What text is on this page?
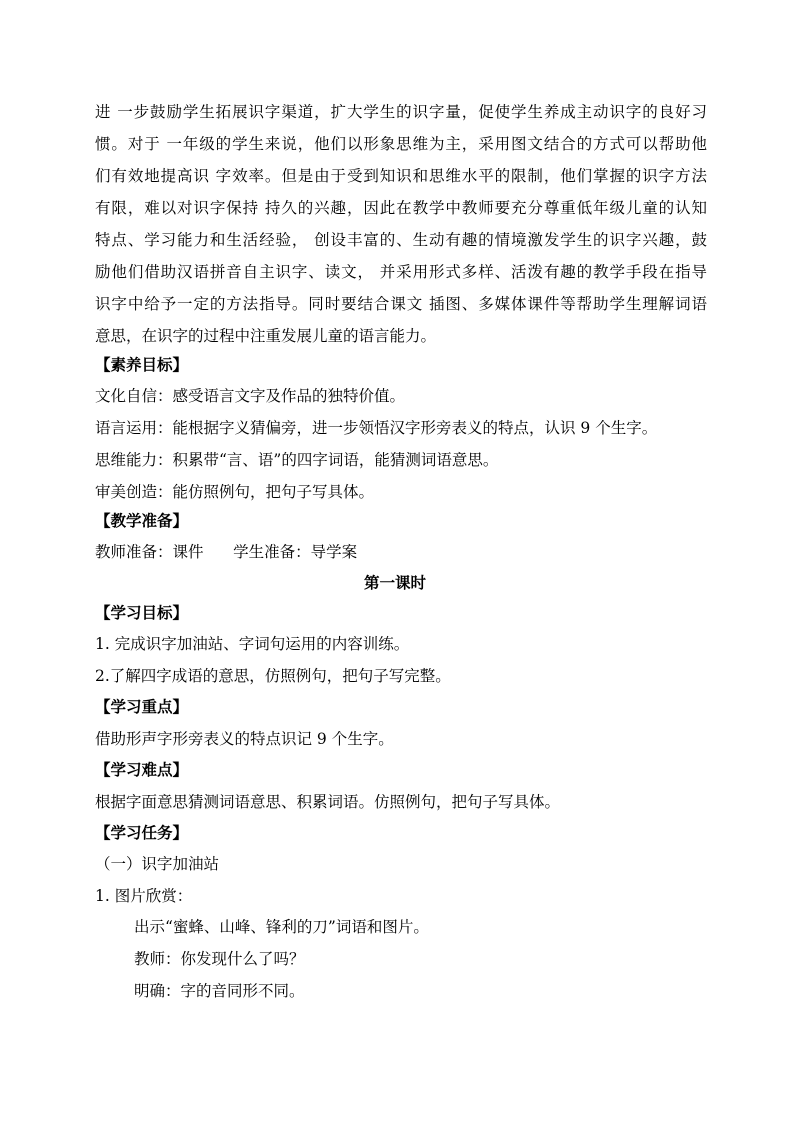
进 一步鼓励学生拓展识字渠道，扩大学生的识字量，促使学生养成主动识字的良好习
惯。对于 一年级的学生来说，他们以形象思维为主，采用图文结合的方式可以帮助他
们有效地提高识 字效率。但是由于受到知识和思维水平的限制，他们掌握的识字方法
有限，难以对识字保持 持久的兴趣，因此在教学中教师要充分尊重低年级儿童的认知
特点、学习能力和生活经验， 创设丰富的、生动有趣的情境激发学生的识字兴趣，鼓
励他们借助汉语拼音自主识字、读文， 并采用形式多样、活泼有趣的教学手段在指导
识字中给予一定的方法指导。同时要结合课文 插图、多媒体课件等帮助学生理解词语
意思，在识字的过程中注重发展儿童的语言能力。
【素养目标】
文化自信：感受语言文字及作品的独特价值。
语言运用：能根据字义猜偏旁，进一步领悟汉字形旁表义的特点，认识 9 个生字。
思维能力：积累带“言、语”的四字词语，能猜测词语意思。
审美创造：能仿照例句，把句子写具体。
【教学准备】
教师准备：课件      学生准备：导学案
第一课时
【学习目标】
1. 完成识字加油站、字词句运用的内容训练。
2.了解四字成语的意思，仿照例句，把句子写完整。
【学习重点】
借助形声字形旁表义的特点识记 9 个生字。
【学习难点】
根据字面意思猜测词语意思、积累词语。仿照例句，把句子写具体。
【学习任务】
（一）识字加油站
1. 图片欣赏：
出示“蜜蜂、山峰、锋利的刀”词语和图片。
教师：你发现什么了吗？
明确：字的音同形不同。
